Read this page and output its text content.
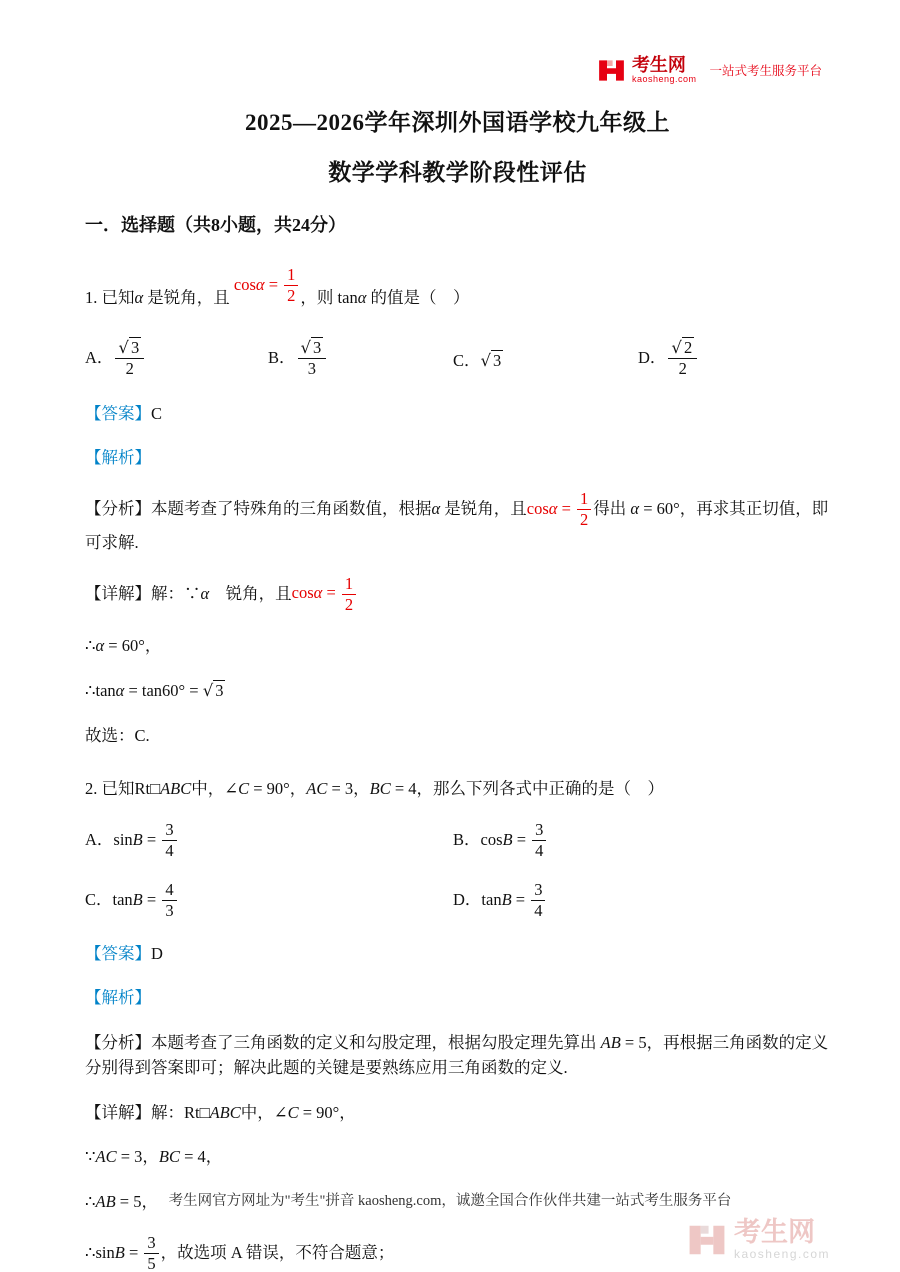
考生网
kaosheng.com
一站式考生服务平台
2025—2026学年深圳外国语学校九年级上
数学学科教学阶段性评估
一．选择题（共8小题，共24分）

1. 已知α 是锐角，且 $\cos\alpha = \frac{1}{2}$ ，则 tanα 的值是（　）

A． $\frac{√ 3}{2}$	B． $\frac{√ 3}{3}$	C．√ 3	D． $\frac{√ 2}{2}$

【答案】C

【解析】

【分析】本题考查了特殊角的三角函数值，根据α 是锐角，且$\cos\alpha = \frac{1}{2}$ 得出 α = 60°，再求其正切值，即可求解.

【详解】解：∵α　锐角，且$\cos\alpha = \frac{1}{2}$

∴α = 60°，

∴tanα = tan60° = √ 3

故选：C.

2. 已知Rt□ABC中，∠C = 90°，AC = 3，BC = 4，那么下列各式中正确的是（　）

A．$\sin B = \frac{3}{4}$	B．$\cos B = \frac{3}{4}$
C．$\tan B = \frac{4}{3}$	D．$\tan B = \frac{3}{4}$

【答案】D

【解析】

【分析】本题考查了三角函数的定义和勾股定理，根据勾股定理先算出 AB = 5，再根据三角函数的定义分别得到答案即可；解决此题的关键是要熟练应用三角函数的定义.

【详解】解：Rt□ABC中，∠C = 90°，

∵AC = 3，BC = 4，

∴AB = 5，

∴sinB = $\frac{3}{5}$ ，故选项 A 错误，不符合题意；

考生网官方网址为"考生"拼音 kaosheng.com，诚邀全国合作伙伴共建一站式考生服务平台
考生网
kaosheng.com
